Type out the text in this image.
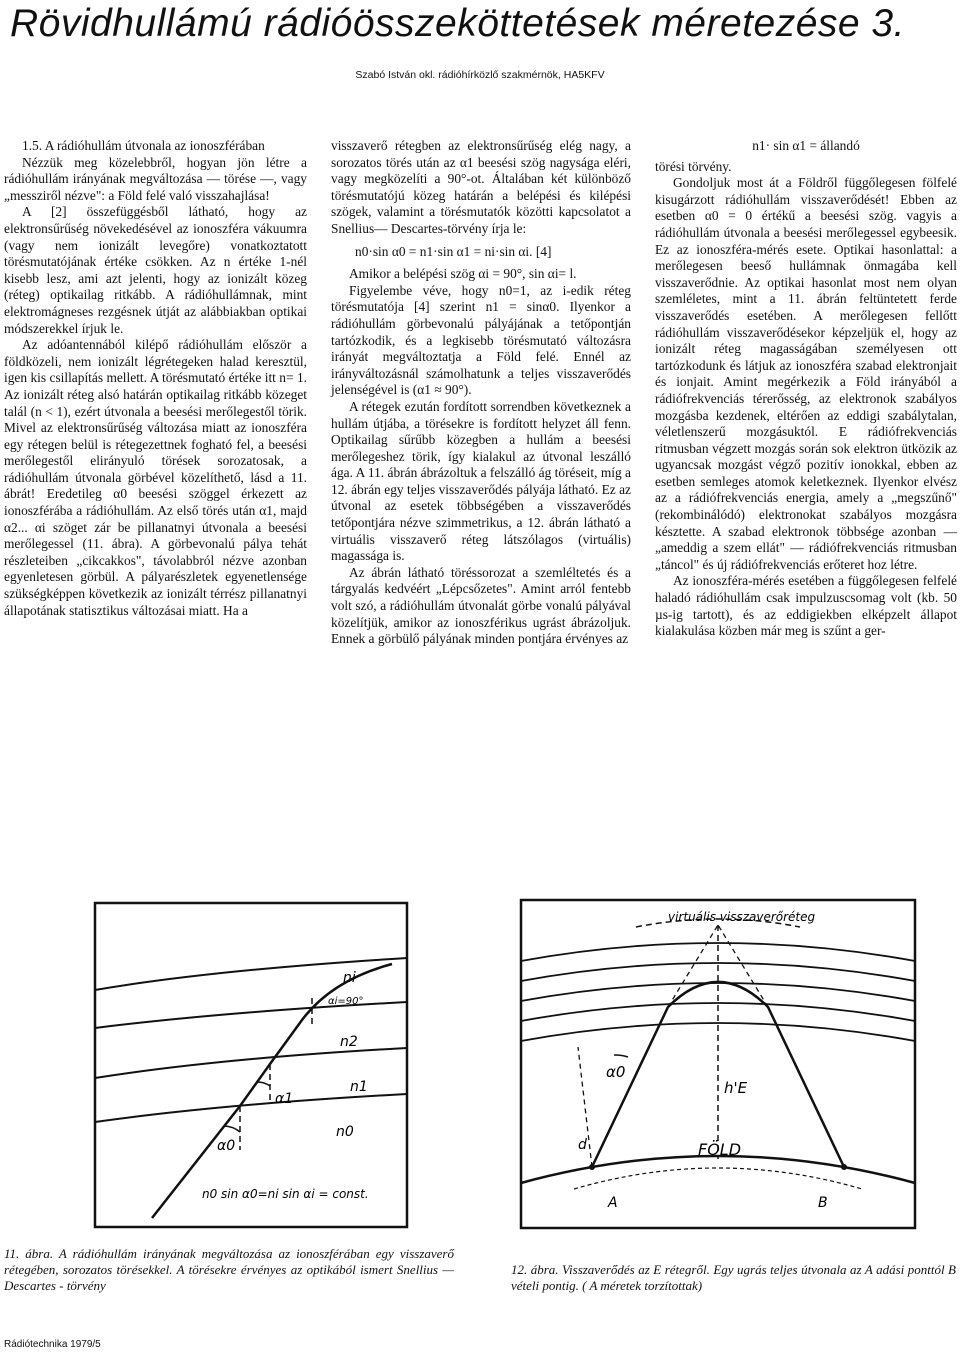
Rövidhullámú rádióösszeköttetések méretezése 3.
Szabó István okl. rádióhírközlő szakmérnök, HA5KFV

1.5. A rádióhullám útvonala az ionoszférában

Nézzük meg közelebbről, hogyan jön létre a rádióhullám irányának megváltozása — törése —, vagy „messziről nézve": a Föld felé való visszahajlása!

A [2] összefüggésből látható, hogy az elektronsűrűség növekedésével az ionoszféra vákuumra (vagy nem ionizált levegőre) vonatkoztatott törésmutatójának értéke csökken. Az n értéke 1-nél kisebb lesz, ami azt jelenti, hogy az ionizált közeg (réteg) optikailag ritkább. A rádióhullámnak, mint elektromágneses rezgésnek útját az alábbiakban optikai módszerekkel írjuk le.

Az adóantennából kilépő rádióhullám először a földközeli, nem ionizált légrétegeken halad keresztül, igen kis csillapítás mellett. A törésmutató értéke itt n= 1. Az ionizált réteg alsó határán optikailag ritkább közeget talál (n < 1), ezért útvonala a beesési merőlegestől törik. Mivel az elektronsűrűség változása miatt az ionoszféra egy rétegen belül is rétegezettnek fogható fel, a beesési merőlegestől elirányuló törések sorozatosak, a rádióhullám útvonala görbével közelíthető, lásd a 11. ábrát! Eredetileg α0 beesési szöggel érkezett az ionoszférába a rádióhullám. Az első törés után α1, majd α2... αi szöget zár be pillanatnyi útvonala a beesési merőlegessel (11. ábra). A görbevonalú pálya tehát részleteiben „cikcakkos", távolabbról nézve azonban egyenletesen görbül. A pályarészletek egyenetlensége szükségképpen következik az ionizált térrész pillanatnyi állapotának statisztikus változásai miatt. Ha a

visszaverő rétegben az elektronsűrűség elég nagy, a sorozatos törés után az α1 beesési szög nagysága eléri, vagy megközelíti a 90°-ot. Általában két különböző törésmutatójú közeg határán a belépési és kilépési szögek, valamint a törésmutatók közötti kapcsolatot a Snellius— Descartes-törvény írja le:

n0·sin α0 = n1·sin α1 = ni·sin αi. [4]

Amikor a belépési szög αi = 90°, sin αi= l.

Figyelembe véve, hogy n0=1, az i-edik réteg törésmutatója [4] szerint n1 = sinα0. Ilyenkor a rádióhullám görbevonalú pályájának a tetőpontján tartózkodik, és a legkisebb törésmutató változásra irányát megváltoztatja a Föld felé. Ennél az irányváltozásnál számolhatunk a teljes visszaverődés jelenségével is (α1 ≈ 90°).

A rétegek ezután fordított sorrendben következnek a hullám útjába, a törésekre is fordított helyzet áll fenn. Optikailag sűrűbb közegben a hullám a beesési merőlegeshez törik, így kialakul az útvonal leszálló ága. A 11. ábrán ábrázoltuk a felszálló ág töréseit, míg a 12. ábrán egy teljes visszaverődés pályája látható. Ez az útvonal az esetek többségében a visszaverődés tetőpontjára nézve szimmetrikus, a 12. ábrán látható a virtuális visszaverő réteg látszólagos (virtuális) magassága is.

Az ábrán látható töréssorozat a szemléltetés és a tárgyalás kedvéért „Lépcsőzetes". Amint arról fentebb volt szó, a rádióhullám útvonalát görbe vonalú pályával közelítjük, amikor az ionoszférikus ugrást ábrázoljuk. Ennek a görbülő pályának minden pontjára érvényes az

n1· sin α1 = állandó

törési törvény.

Gondoljuk most át a Földről függőlegesen fölfelé kisugárzott rádióhullám visszaverődését! Ebben az esetben α0 = 0 értékű a beesési szög. vagyis a rádióhullám útvonala a beesési merőlegessel egybeesik. Ez az ionoszféra-mérés esete. Optikai hasonlattal: a merőlegesen beeső hullámnak önmagába kell visszaverődnie. Az optikai hasonlat most nem olyan szemléletes, mint a 11. ábrán feltüntetett ferde visszaverődés esetében. A merőlegesen fellőtt rádióhullám visszaverődésekor képzeljük el, hogy az ionizált réteg magasságában személyesen ott tartózkodunk és látjuk az ionoszféra szabad elektronjait és ionjait. Amint megérkezik a Föld irányából a rádiófrekvenciás térerősség, az elektronok szabályos mozgásba kezdenek, eltérően az eddigi szabálytalan, véletlenszerű mozgásuktól. E rádiófrekvenciás ritmusban végzett mozgás során sok elektron ütközik az ugyancsak mozgást végző pozitív ionokkal, ebben az esetben semleges atomok keletkeznek. Ilyenkor elvész az a rádiófrekvenciás energia, amely a „megszűnő" (rekombinálódó) elektronokat szabályos mozgásra késztette. A szabad elektronok többsége azonban — „ameddig a szem ellát" — rádiófrekvenciás ritmusban „táncol" és új rádiófrekvenciás erőteret hoz létre.

Az ionoszféra-mérés esetében a függőlegesen felfelé haladó rádióhullám csak impulzuscsomag volt (kb. 50 µs-ig tartott), és az eddigiekben elképzelt állapot kialakulása közben már meg is szűnt a ger-

ni
αi=90°
n2
n1
α1
n0
α0
n0 sin α0=ni sin αi = const.
virtuális visszaverőréteg
α0
h'E
FÖLD
d
A	B
11. ábra. A rádióhullám irányának megváltozása az ionoszférában egy visszaverő rétegében, sorozatos törésekkel. A törésekre érvényes az optikából ismert Snellius — Descartes - törvény
12. ábra. Visszaverődés az E rétegről. Egy ugrás teljes útvonala az A adási ponttól B vételi pontig. ( A méretek torzítottak)
Rádiótechnika 1979/5
